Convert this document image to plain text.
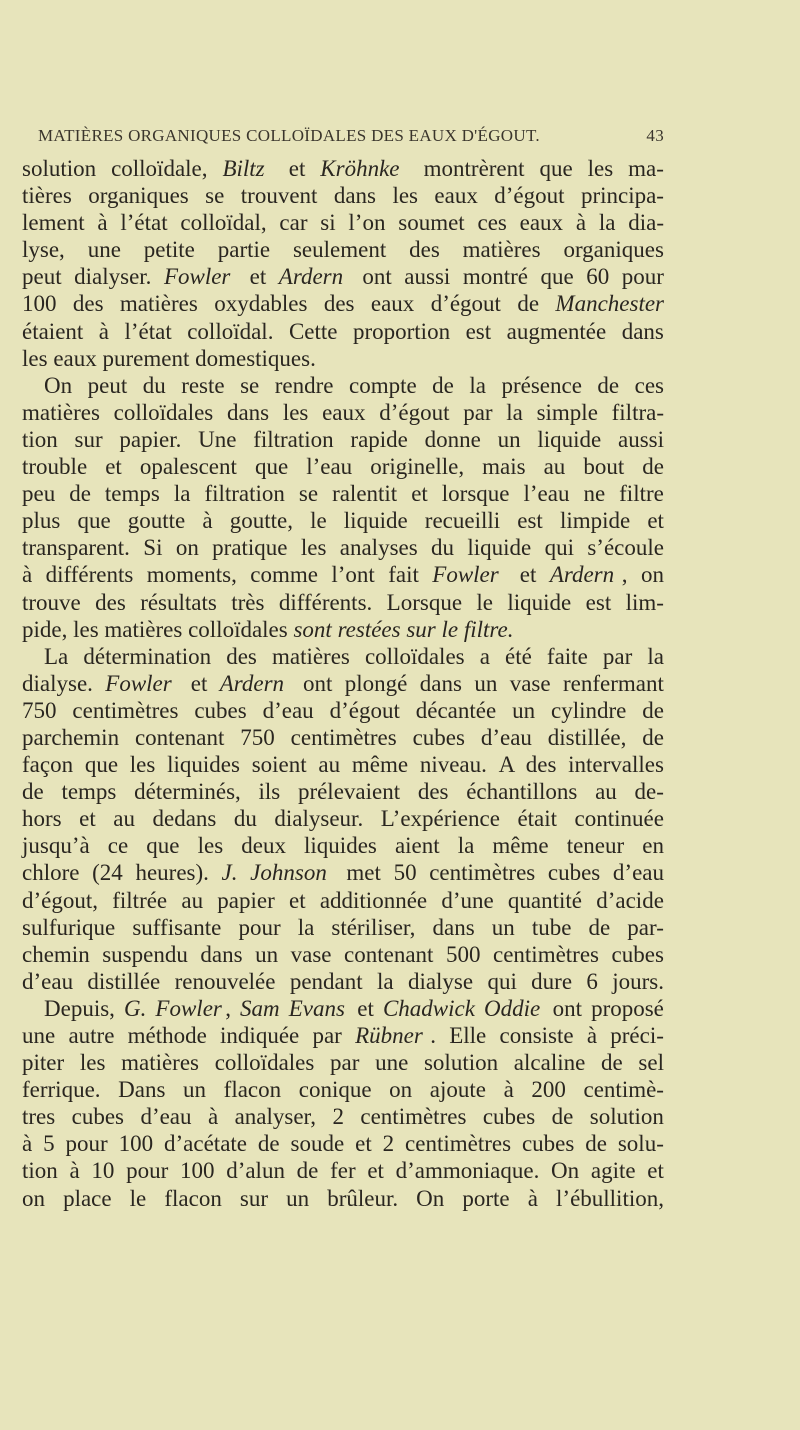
MATIÈRES ORGANIQUES COLLOÏDALES DES EAUX D'ÉGOUT.	43
solution colloïdale, Biltz
et Kröhnke
montrèrent que les ma-
tières organiques se trouvent dans les eaux d’égout principa-
lement à l’état colloïdal, car si l’on soumet ces eaux à la dia-
lyse, une petite partie seulement des matières organiques
peut dialyser. Fowler
et Ardern
ont aussi montré que 60 pour
100 des matières oxydables des eaux d’égout de Manchester
étaient à l’état colloïdal. Cette proportion est augmentée dans
les eaux purement domestiques.
On peut du reste se rendre compte de la présence de ces
matières colloïdales dans les eaux d’égout par la simple filtra-
tion sur papier. Une filtration rapide donne un liquide aussi
trouble et opalescent que l’eau originelle, mais au bout de
peu de temps la filtration se ralentit et lorsque l’eau ne filtre
plus que goutte à goutte, le liquide recueilli est limpide et
transparent. Si on pratique les analyses du liquide qui s’écoule
à différents moments, comme l’ont fait Fowler
et Ardern , on
trouve des résultats très différents. Lorsque le liquide est lim-
pide, les matières colloïdales sont restées sur le filtre.
La détermination des matières colloïdales a été faite par la
dialyse. Fowler
et Ardern
ont plongé dans un vase renfermant
750 centimètres cubes d’eau d’égout décantée un cylindre de
parchemin contenant 750 centimètres cubes d’eau distillée, de
façon que les liquides soient au même niveau. A des intervalles
de temps déterminés, ils prélevaient des échantillons au de-
hors et au dedans du dialyseur. L’expérience était continuée
jusqu’à ce que les deux liquides aient la même teneur en
chlore (24 heures). J. Johnson
met 50 centimètres cubes d’eau
d’égout, filtrée au papier et additionnée d’une quantité d’acide
sulfurique suffisante pour la stériliser, dans un tube de par-
chemin suspendu dans un vase contenant 500 centimètres cubes
d’eau distillée renouvelée pendant la dialyse qui dure 6 jours.
Depuis, G. Fowler , Sam Evans
et Chadwick Oddie
ont proposé
une autre méthode indiquée par Rübner . Elle consiste à préci-
piter les matières colloïdales par une solution alcaline de sel
ferrique. Dans un flacon conique on ajoute à 200 centimè-
tres cubes d’eau à analyser, 2 centimètres cubes de solution
à 5 pour 100 d’acétate de soude et 2 centimètres cubes de solu-
tion à 10 pour 100 d’alun de fer et d’ammoniaque. On agite et
on place le flacon sur un brûleur. On porte à l’ébullition,
